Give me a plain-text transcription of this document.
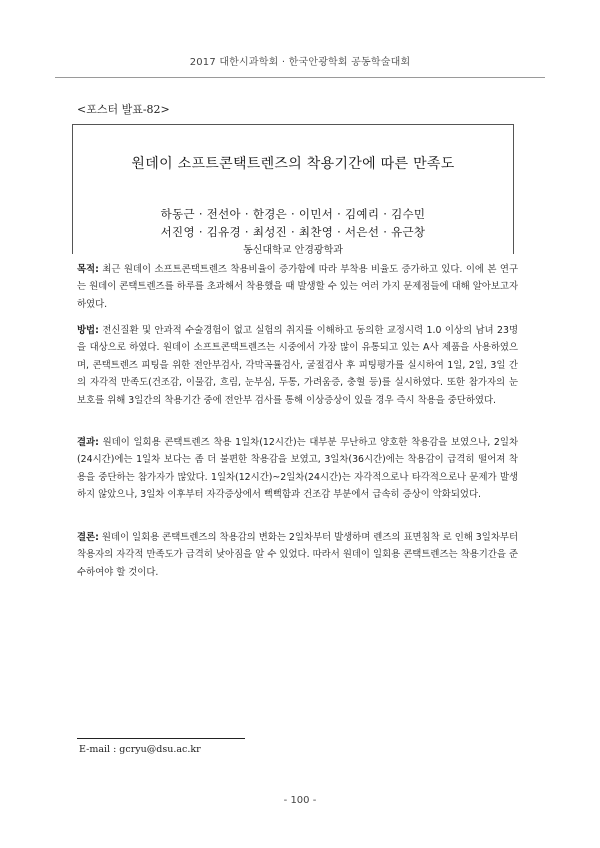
2017 대한시과학회 · 한국안광학회 공동학술대회
<포스터 발표-82>
원데이 소프트콘택트렌즈의 착용기간에 따른 만족도
하동근 · 전선아 · 한경은 · 이민서 · 김예리 · 김수민
서진영 · 김유경 · 최성진 · 최찬영 · 서은선 · 유근창
동신대학교 안경광학과

목적: 최근 원데이 소프트콘택트렌즈 착용비율이 증가함에 따라 부착용 비율도 증가하고 있다. 이에 본 연구는 원데이 콘택트렌즈를 하루를 초과해서 착용했을 때 발생할 수 있는 여러 가지 문제점들에 대해 알아보고자 하였다.

방법: 전신질환 및 안과적 수술경험이 없고 실험의 취지를 이해하고 동의한 교정시력 1.0 이상의 남녀 23명을 대상으로 하였다. 원데이 소프트콘택트렌즈는 시중에서 가장 많이 유통되고 있는 A사 제품을 사용하였으며, 콘택트렌즈 피팅을 위한 전안부검사, 각막곡률검사, 굴절검사 후 피팅평가를 실시하여 1일, 2일, 3일 간의 자각적 만족도(건조감, 이물감, 흐림, 눈부심, 두통, 가려움증, 충혈 등)를 실시하였다. 또한 참가자의 눈 보호를 위해 3일간의 착용기간 중에 전안부 검사를 통해 이상증상이 있을 경우 즉시 착용을 중단하였다.

결과: 원데이 일회용 콘택트렌즈 착용 1일차(12시간)는 대부분 무난하고 양호한 착용감을 보였으나, 2일차(24시간)에는 1일차 보다는 좀 더 불편한 착용감을 보였고, 3일차(36시간)에는 착용감이 급격히 떨어져 착용을 중단하는 참가자가 많았다. 1일차(12시간)~2일차(24시간)는 자각적으로나 타각적으로나 문제가 발생하지 않았으나, 3일차 이후부터 자각증상에서 뻑뻑함과 건조감 부분에서 급속히 증상이 악화되었다.

결론: 원데이 일회용 콘택트렌즈의 착용감의 변화는 2일차부터 발생하며 렌즈의 표면침착 로 인해 3일차부터 착용자의 자각적 만족도가 급격히 낮아짐을 알 수 있었다. 따라서 원데이 일회용 콘택트렌즈는 착용기간을 준수하여야 할 것이다.

E-mail : gcryu@dsu.ac.kr
- 100 -
